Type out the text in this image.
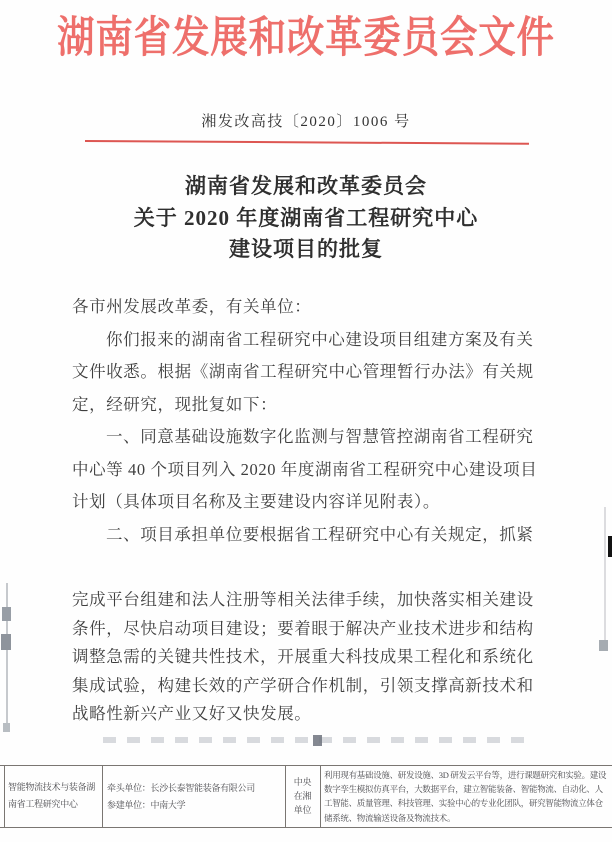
湖南省发展和改革委员会文件
湘发改高技〔2020〕1006 号
湖南省发展和改革委员会
关于 2020 年度湖南省工程研究中心
建设项目的批复
各市州发展改革委，有关单位：
你们报来的湖南省工程研究中心建设项目组建方案及有关
文件收悉。根据《湖南省工程研究中心管理暂行办法》有关规
定，经研究，现批复如下：
一、同意基础设施数字化监测与智慧管控湖南省工程研究
中心等 40 个项目列入 2020 年度湖南省工程研究中心建设项目
计划（具体项目名称及主要建设内容详见附表）。
二、项目承担单位要根据省工程研究中心有关规定，抓紧
完成平台组建和法人注册等相关法律手续，加快落实相关建设
条件，尽快启动项目建设；要着眼于解决产业技术进步和结构
调整急需的关键共性技术，开展重大科技成果工程化和系统化
集成试验，构建长效的产学研合作机制，引领支撑高新技术和
战略性新兴产业又好又快发展。
智能物流技术与装备湖南省工程研究中心
牵头单位：长沙长泰智能装备有限公司
参建单位：中南大学
中央
在湘
单位
利用现有基础设施、研发设施、3D 研发云平台等，进行课题研究和实验。建设
数字孪生模拟仿真平台，大数据平台，建立智能装备、智能物流、自动化、人
工智能、质量管理、科技管理、实验中心的专业化团队，研究智能物流立体仓
储系统、物流输送设备及物流技术。
